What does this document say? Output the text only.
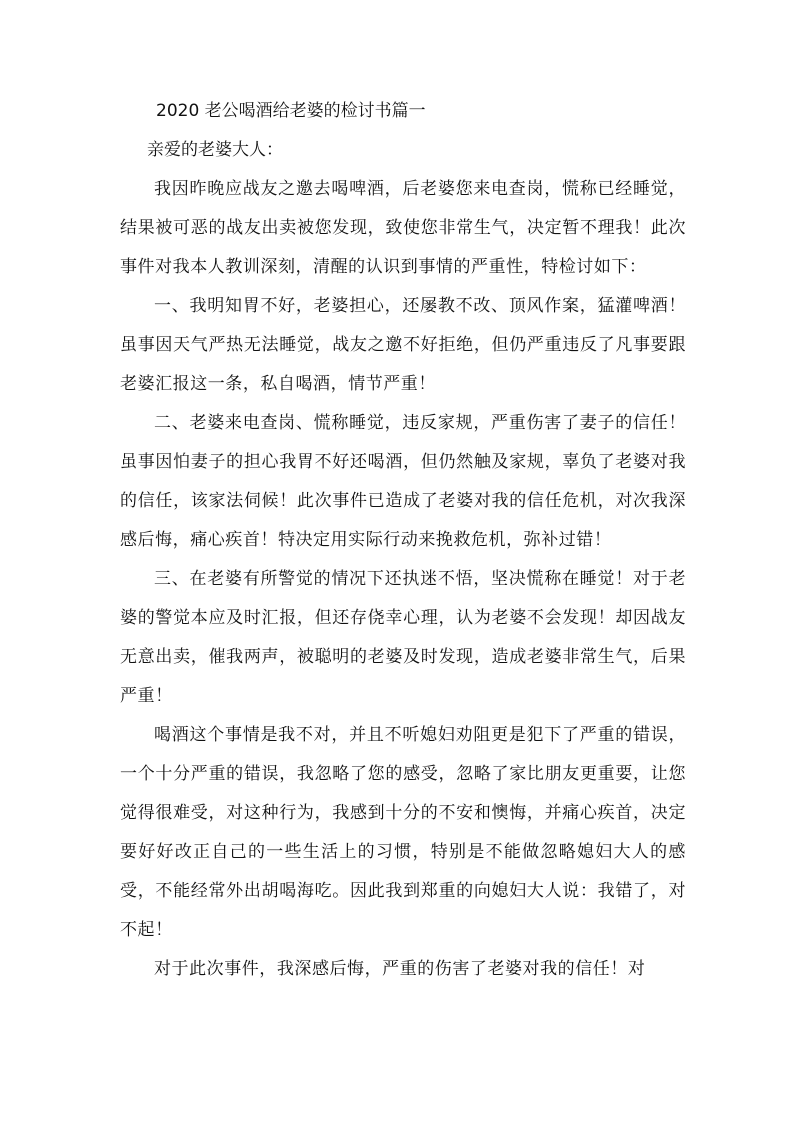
2020 老公喝酒给老婆的检讨书篇一

亲爱的老婆大人：

我因昨晚应战友之邀去喝啤酒，后老婆您来电查岗，慌称已经睡觉，结果被可恶的战友出卖被您发现，致使您非常生气，决定暂不理我！此次事件对我本人教训深刻，清醒的认识到事情的严重性，特检讨如下：

一、我明知胃不好，老婆担心，还屡教不改、顶风作案，猛灌啤酒！虽事因天气严热无法睡觉，战友之邀不好拒绝，但仍严重违反了凡事要跟老婆汇报这一条，私自喝酒，情节严重！

二、老婆来电查岗、慌称睡觉，违反家规，严重伤害了妻子的信任！虽事因怕妻子的担心我胃不好还喝酒，但仍然触及家规，辜负了老婆对我的信任，该家法伺候！此次事件已造成了老婆对我的信任危机，对次我深感后悔，痛心疾首！特决定用实际行动来挽救危机，弥补过错！

三、在老婆有所警觉的情况下还执迷不悟，坚决慌称在睡觉！对于老婆的警觉本应及时汇报，但还存侥幸心理，认为老婆不会发现！却因战友无意出卖，催我两声，被聪明的老婆及时发现，造成老婆非常生气，后果严重！

喝酒这个事情是我不对，并且不听媳妇劝阻更是犯下了严重的错误，一个十分严重的错误，我忽略了您的感受，忽略了家比朋友更重要，让您觉得很难受，对这种行为，我感到十分的不安和懊悔，并痛心疾首，决定要好好改正自己的一些生活上的习惯，特别是不能做忽略媳妇大人的感受，不能经常外出胡喝海吃。因此我到郑重的向媳妇大人说：我错了，对不起！

对于此次事件，我深感后悔，严重的伤害了老婆对我的信任！对
